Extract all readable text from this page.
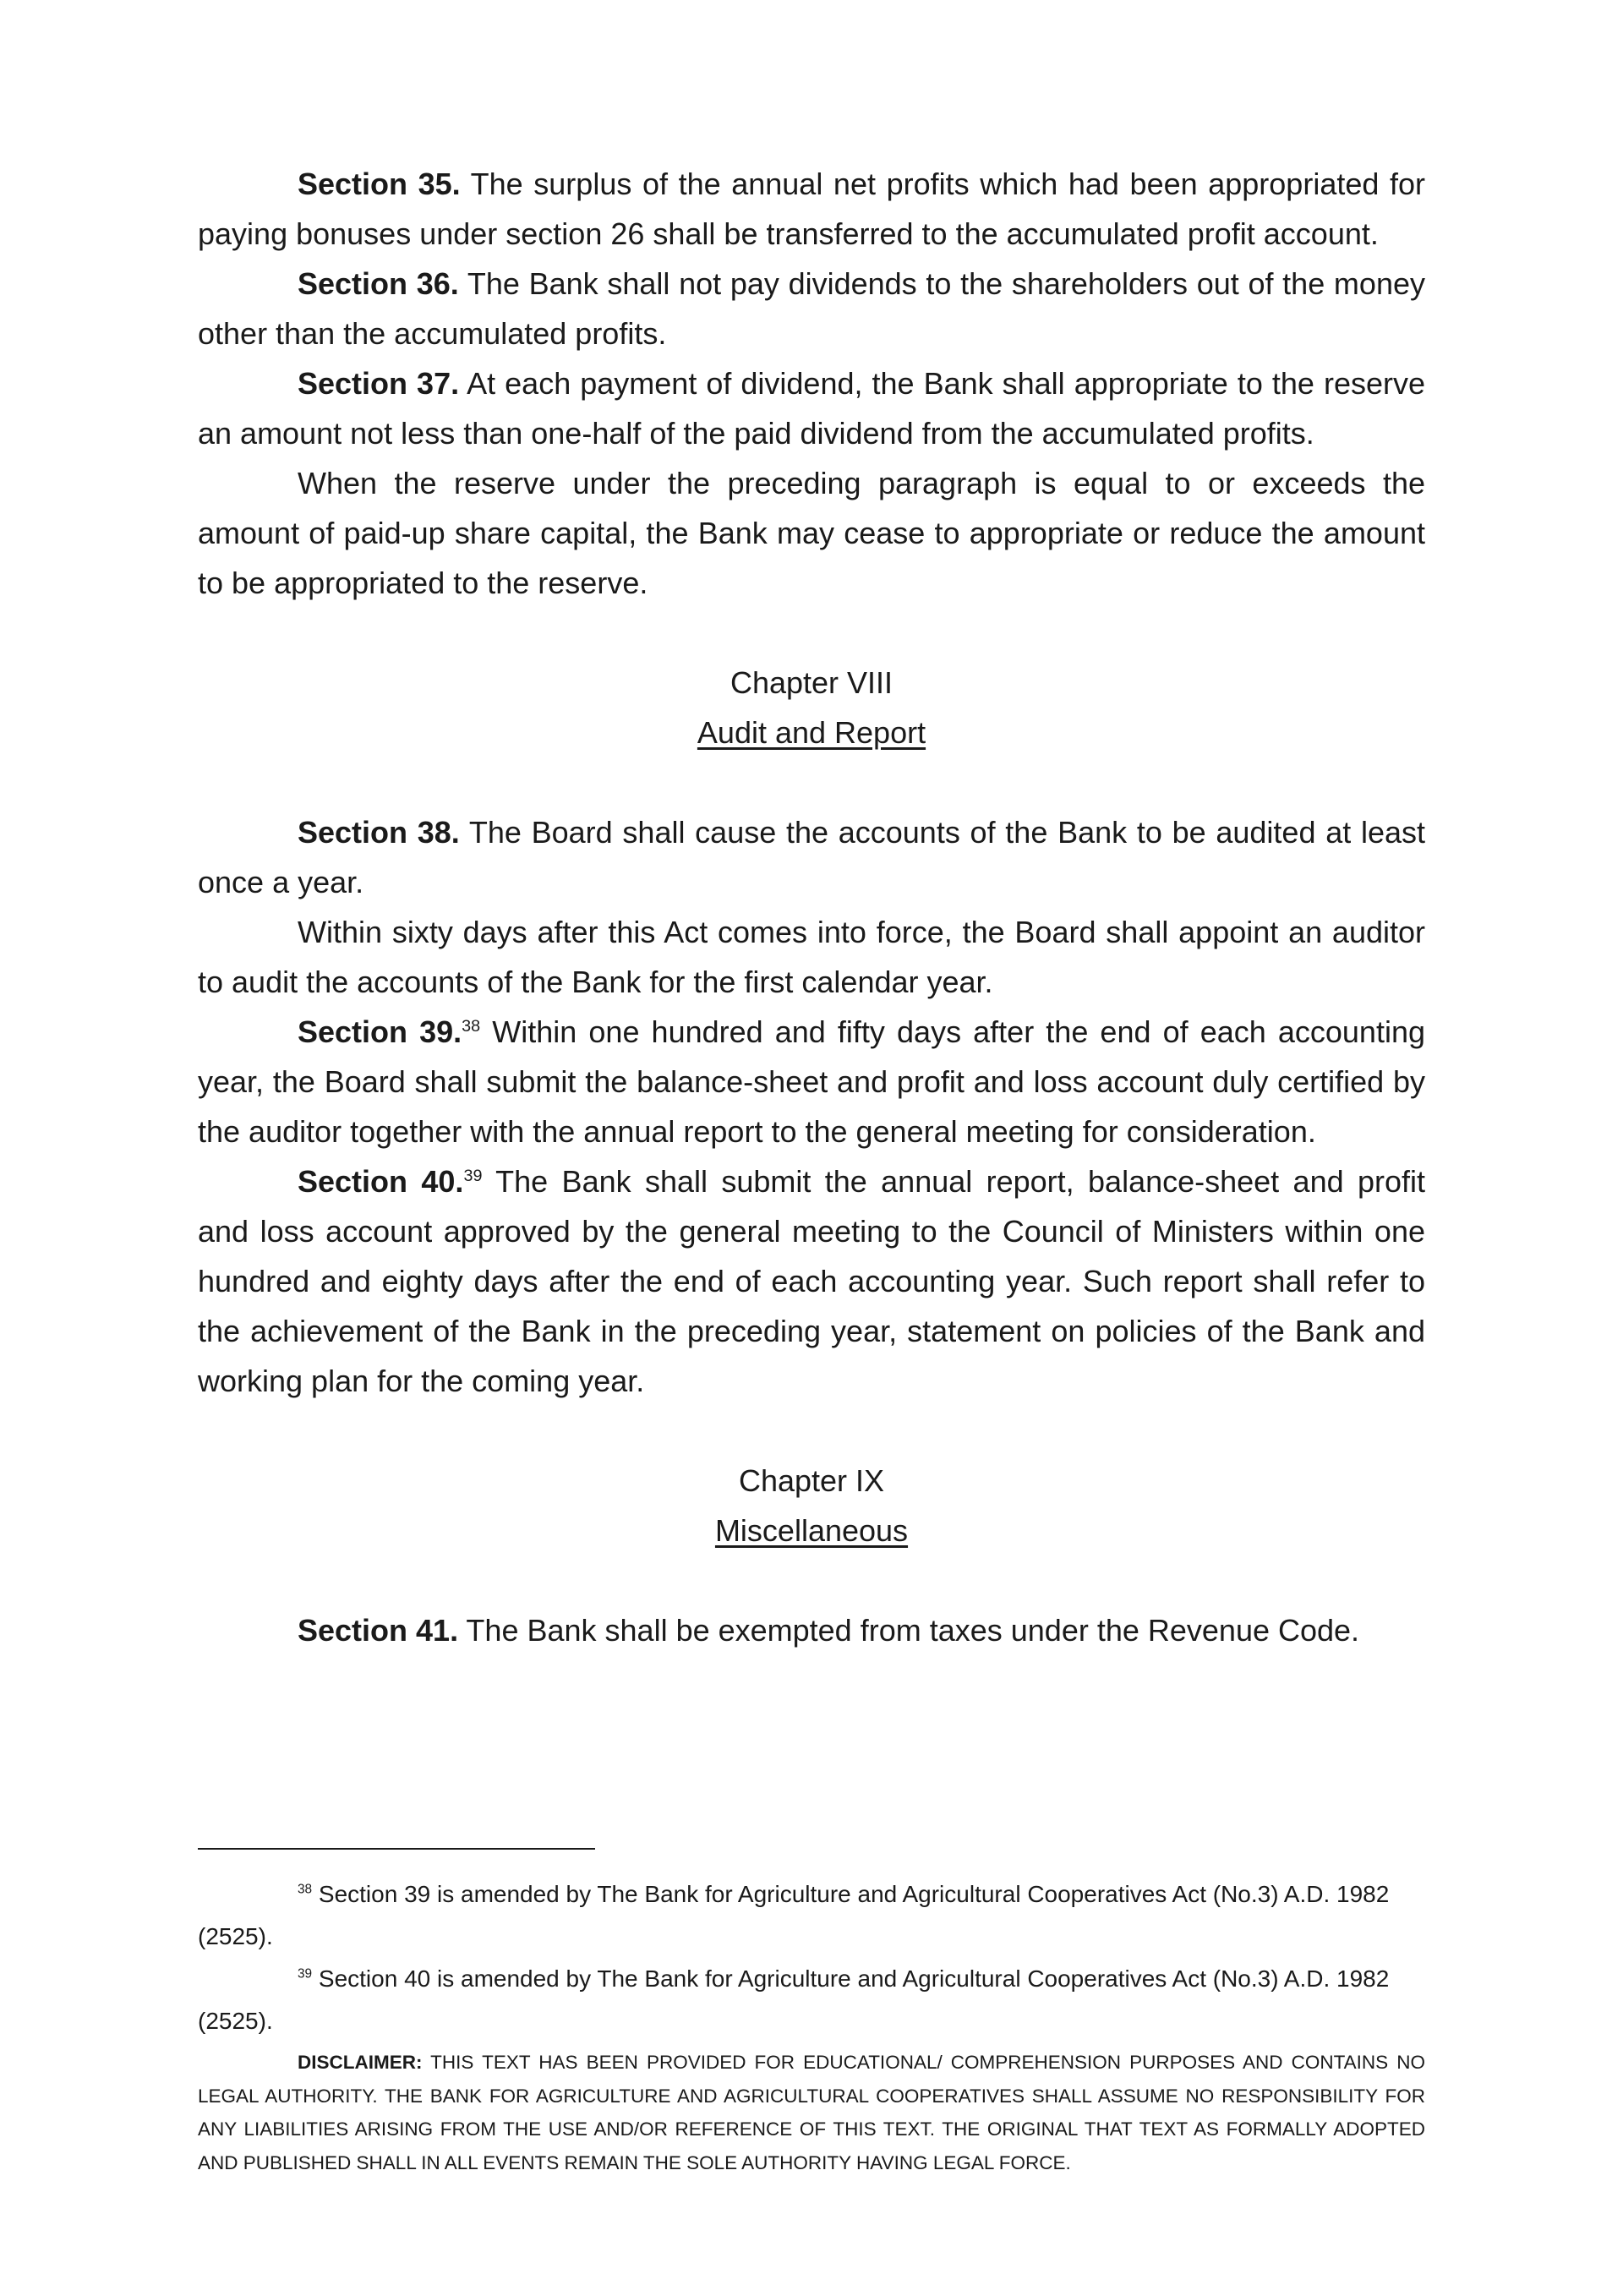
Section 35. The surplus of the annual net profits which had been appropriated for paying bonuses under section 26 shall be transferred to the accumulated profit account.

Section 36. The Bank shall not pay dividends to the shareholders out of the money other than the accumulated profits.

Section 37. At each payment of dividend, the Bank shall appropriate to the reserve an amount not less than one-half of the paid dividend from the accumulated profits.

When the reserve under the preceding paragraph is equal to or exceeds the amount of paid-up share capital, the Bank may cease to appropriate or reduce the amount to be appropriated to the reserve.

Chapter VIII

Audit and Report

Section 38. The Board shall cause the accounts of the Bank to be audited at least once a year.

Within sixty days after this Act comes into force, the Board shall appoint an auditor to audit the accounts of the Bank for the first calendar year.

Section 39.38 Within one hundred and fifty days after the end of each accounting year, the Board shall submit the balance-sheet and profit and loss account duly certified by the auditor together with the annual report to the general meeting for consideration.

Section 40.39 The Bank shall submit the annual report, balance-sheet and profit and loss account approved by the general meeting to the Council of Ministers within one hundred and eighty days after the end of each accounting year. Such report shall refer to the achievement of the Bank in the preceding year, statement on policies of the Bank and working plan for the coming year.

Chapter IX

Miscellaneous

Section 41. The Bank shall be exempted from taxes under the Revenue Code.

$^{38}$ Section 39 is amended by The Bank for Agriculture and Agricultural Cooperatives Act (No.3) A.D. 1982 (2525).

$^{39}$ Section 40 is amended by The Bank for Agriculture and Agricultural Cooperatives Act (No.3) A.D. 1982 (2525).

DISCLAIMER: THIS TEXT HAS BEEN PROVIDED FOR EDUCATIONAL/ COMPREHENSION PURPOSES AND CONTAINS NO LEGAL AUTHORITY. THE BANK FOR AGRICULTURE AND AGRICULTURAL COOPERATIVES SHALL ASSUME NO RESPONSIBILITY FOR ANY LIABILITIES ARISING FROM THE USE AND/OR REFERENCE OF THIS TEXT. THE ORIGINAL THAT TEXT AS FORMALLY ADOPTED AND PUBLISHED SHALL IN ALL EVENTS REMAIN THE SOLE AUTHORITY HAVING LEGAL FORCE.
